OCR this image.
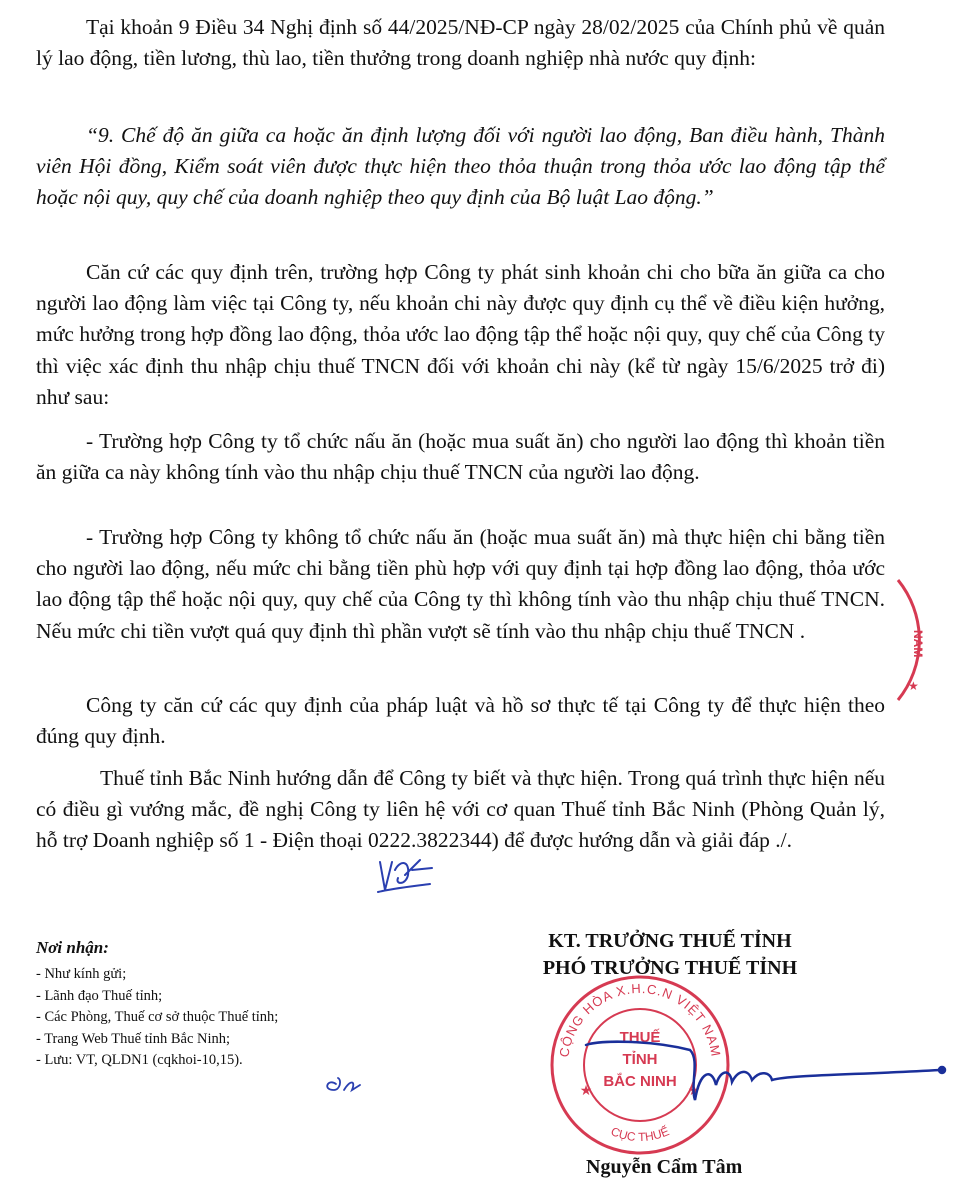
Tại khoản 9 Điều 34 Nghị định số 44/2025/NĐ-CP ngày 28/02/2025 của Chính phủ về quản lý lao động, tiền lương, thù lao, tiền thưởng trong doanh nghiệp nhà nước quy định:

“9. Chế độ ăn giữa ca hoặc ăn định lượng đối với người lao động, Ban điều hành, Thành viên Hội đồng, Kiểm soát viên được thực hiện theo thỏa thuận trong thỏa ước lao động tập thể hoặc nội quy, quy chế của doanh nghiệp theo quy định của Bộ luật Lao động.”

Căn cứ các quy định trên, trường hợp Công ty phát sinh khoản chi cho bữa ăn giữa ca cho người lao động làm việc tại Công ty, nếu khoản chi này được quy định cụ thể về điều kiện hưởng, mức hưởng trong hợp đồng lao động, thỏa ước lao động tập thể hoặc nội quy, quy chế của Công ty thì việc xác định thu nhập chịu thuế TNCN đối với khoản chi này (kể từ ngày 15/6/2025 trở đi) như sau:

- Trường hợp Công ty tổ chức nấu ăn (hoặc mua suất ăn) cho người lao động thì khoản tiền ăn giữa ca này không tính vào thu nhập chịu thuế TNCN của người lao động.

- Trường hợp Công ty không tổ chức nấu ăn (hoặc mua suất ăn) mà thực hiện chi bằng tiền cho người lao động, nếu mức chi bằng tiền phù hợp với quy định tại hợp đồng lao động, thỏa ước lao động tập thể hoặc nội quy, quy chế của Công ty thì không tính vào thu nhập chịu thuế TNCN. Nếu mức chi tiền vượt quá quy định thì phần vượt sẽ tính vào thu nhập chịu thuế TNCN .

Công ty căn cứ các quy định của pháp luật và hồ sơ thực tế tại Công ty để thực hiện theo đúng quy định.

Thuế tỉnh Bắc Ninh hướng dẫn để Công ty biết và thực hiện. Trong quá trình thực hiện nếu có điều gì vướng mắc, đề nghị Công ty liên hệ với cơ quan Thuế tỉnh Bắc Ninh (Phòng Quản lý, hỗ trợ Doanh nghiệp số 1 - Điện thoại 0222.3822344) để được hướng dẫn và giải đáp ./.

Nơi nhận:

- Như kính gửi;

- Lãnh đạo Thuế tỉnh;

- Các Phòng, Thuế cơ sở thuộc Thuế tỉnh;

- Trang Web Thuế tỉnh Bắc Ninh;

- Lưu: VT, QLDN1 (cqkhoi-10,15).

KT. TRƯỞNG THUẾ TỈNH

PHÓ TRƯỞNG THUẾ TỈNH

Nguyễn Cẩm Tâm
CỘNG HÒA X.H.C.N VIỆT NAM
CỤC THUẾ
THUẾ
TỈNH
BẮC NINH
★	★
NAM
★
